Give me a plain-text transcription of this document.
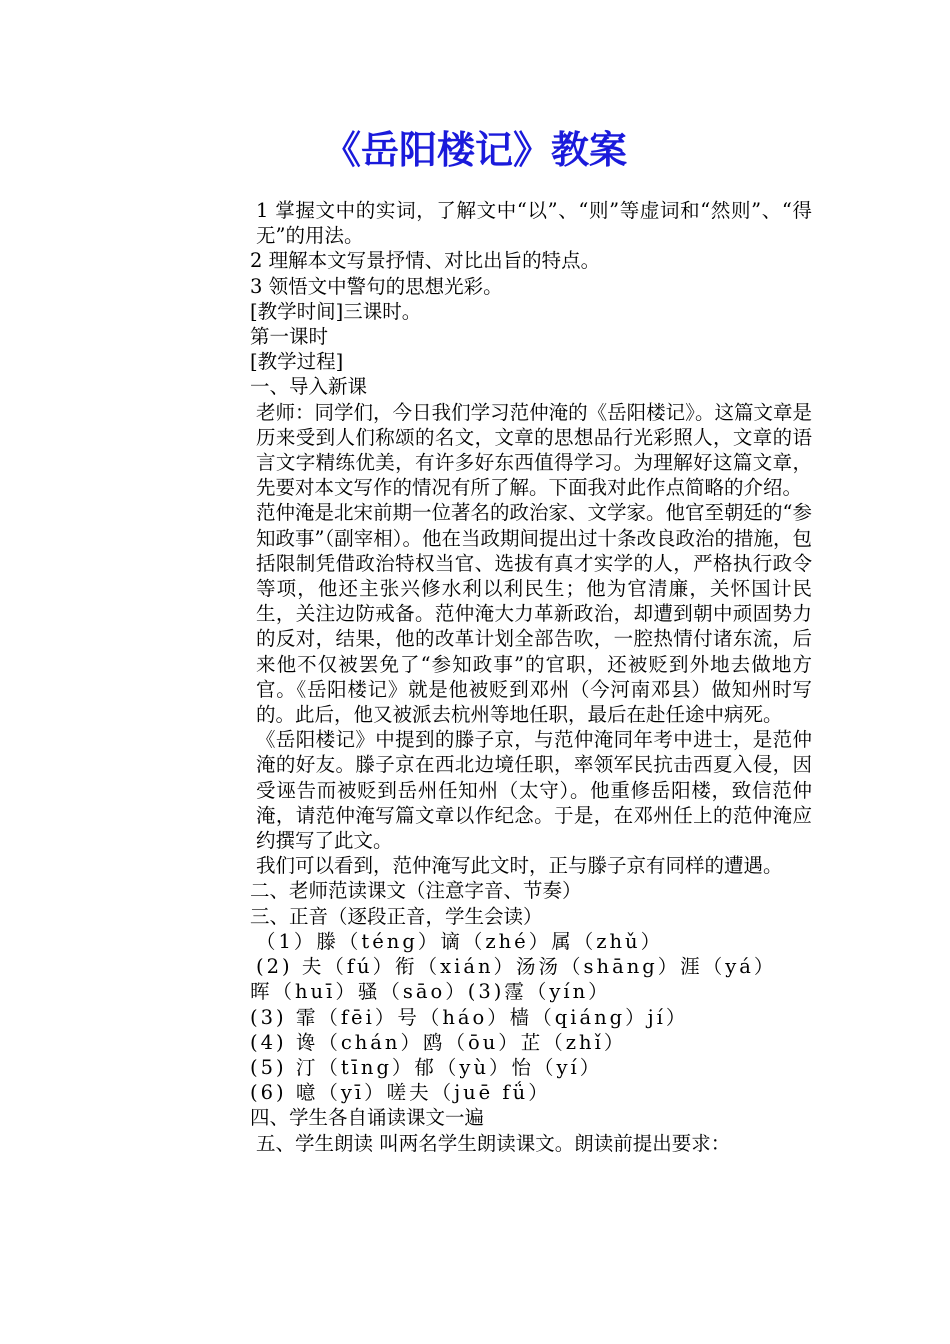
《岳阳楼记》教案

1 掌握文中的实词，了解文中“以”、“则”等虚词和“然则”、“得无”的用法。

2 理解本文写景抒情、对比出旨的特点。

3 领悟文中警句的思想光彩。

[教学时间]三课时。

第一课时

[教学过程]

一、导入新课

老师：同学们，今日我们学习范仲淹的《岳阳楼记》。这篇文章是历来受到人们称颂的名文，文章的思想品行光彩照人，文章的语言文字精练优美，有许多好东西值得学习。为理解好这篇文章，先要对本文写作的情况有所了解。下面我对此作点简略的介绍。

范仲淹是北宋前期一位著名的政治家、文学家。他官至朝廷的“参知政事”（副宰相）。他在当政期间提出过十条改良政治的措施，包括限制凭借政治特权当官、选拔有真才实学的人，严格执行政令等项，他还主张兴修水利以利民生；他为官清廉，关怀国计民生，关注边防戒备。范仲淹大力革新政治，却遭到朝中顽固势力的反对，结果，他的改革计划全部告吹，一腔热情付诸东流，后来他不仅被罢免了“参知政事”的官职，还被贬到外地去做地方官。《岳阳楼记》就是他被贬到邓州（今河南邓县）做知州时写的。此后，他又被派去杭州等地任职，最后在赴任途中病死。

《岳阳楼记》中提到的滕子京，与范仲淹同年考中进士，是范仲淹的好友。滕子京在西北边境任职，率领军民抗击西夏入侵，因受诬告而被贬到岳州任知州（太守）。他重修岳阳楼，致信范仲淹，请范仲淹写篇文章以作纪念。于是，在邓州任上的范仲淹应约撰写了此文。

我们可以看到，范仲淹写此文时，正与滕子京有同样的遭遇。

二、老师范读课文（注意字音、节奏）

三、正音（逐段正音，学生会读）

（1）滕（téng）谪（zhé）属（zhǔ）

(2) 夫（fú）衔（xián）汤汤（shāng）涯（yá）

晖（huī）骚（sāo）(3)霪（yín）

(3) 霏（fēi）号（háo）樯（qiáng）jí）

(4) 谗（chán）鸥（ōu）芷（zhǐ）

(5) 汀（tīng）郁（yù）怡（yí）

(6) 噫（yī）嗟夫（juē fǘ）

四、学生各自诵读课文一遍

五、学生朗读 叫两名学生朗读课文。朗读前提出要求：
